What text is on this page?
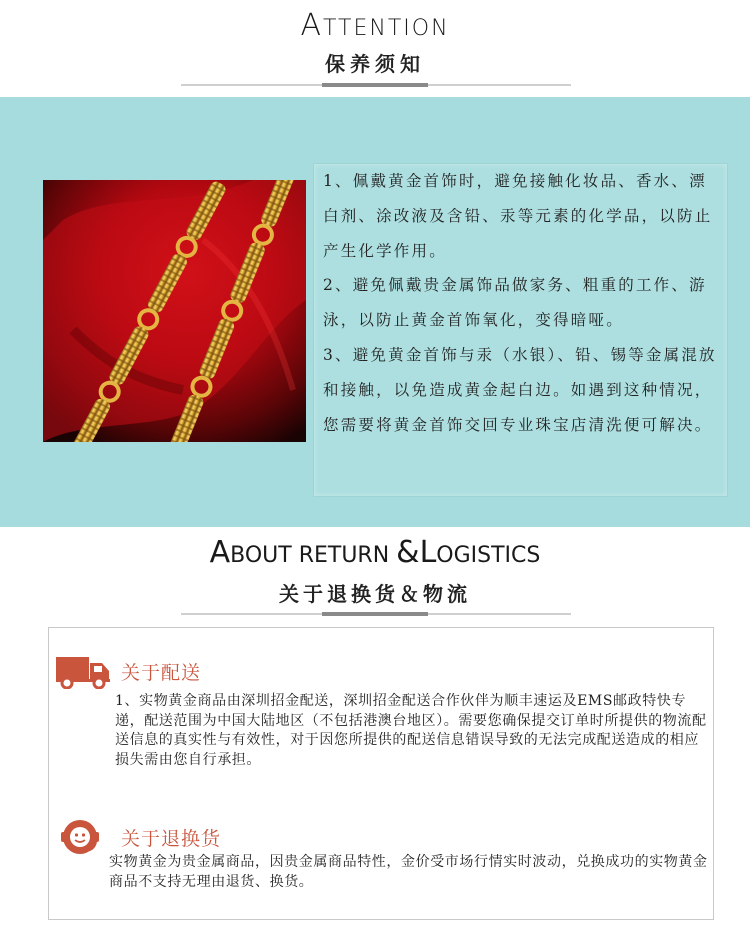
ATTENTION
保养须知

1、佩戴黄金首饰时，避免接触化妆品、香水、漂白剂、涂改液及含铅、汞等元素的化学品，以防止产生化学作用。

2、避免佩戴贵金属饰品做家务、粗重的工作、游泳，以防止黄金首饰氧化，变得暗哑。

3、避免黄金首饰与汞（水银）、铅、锡等金属混放和接触，以免造成黄金起白边。如遇到这种情况，您需要将黄金首饰交回专业珠宝店清洗便可解决。

ABOUT RETURN &LOGISTICS
关于退换货＆物流
关于配送
1、实物黄金商品由深圳招金配送，深圳招金配送合作伙伴为顺丰速运及EMS邮政特快专递，配送范围为中国大陆地区（不包括港澳台地区）。需要您确保提交订单时所提供的物流配送信息的真实性与有效性，对于因您所提供的配送信息错误导致的无法完成配送造成的相应损失需由您自行承担。
关于退换货
实物黄金为贵金属商品，因贵金属商品特性，金价受市场行情实时波动，兑换成功的实物黄金商品不支持无理由退货、换货。
